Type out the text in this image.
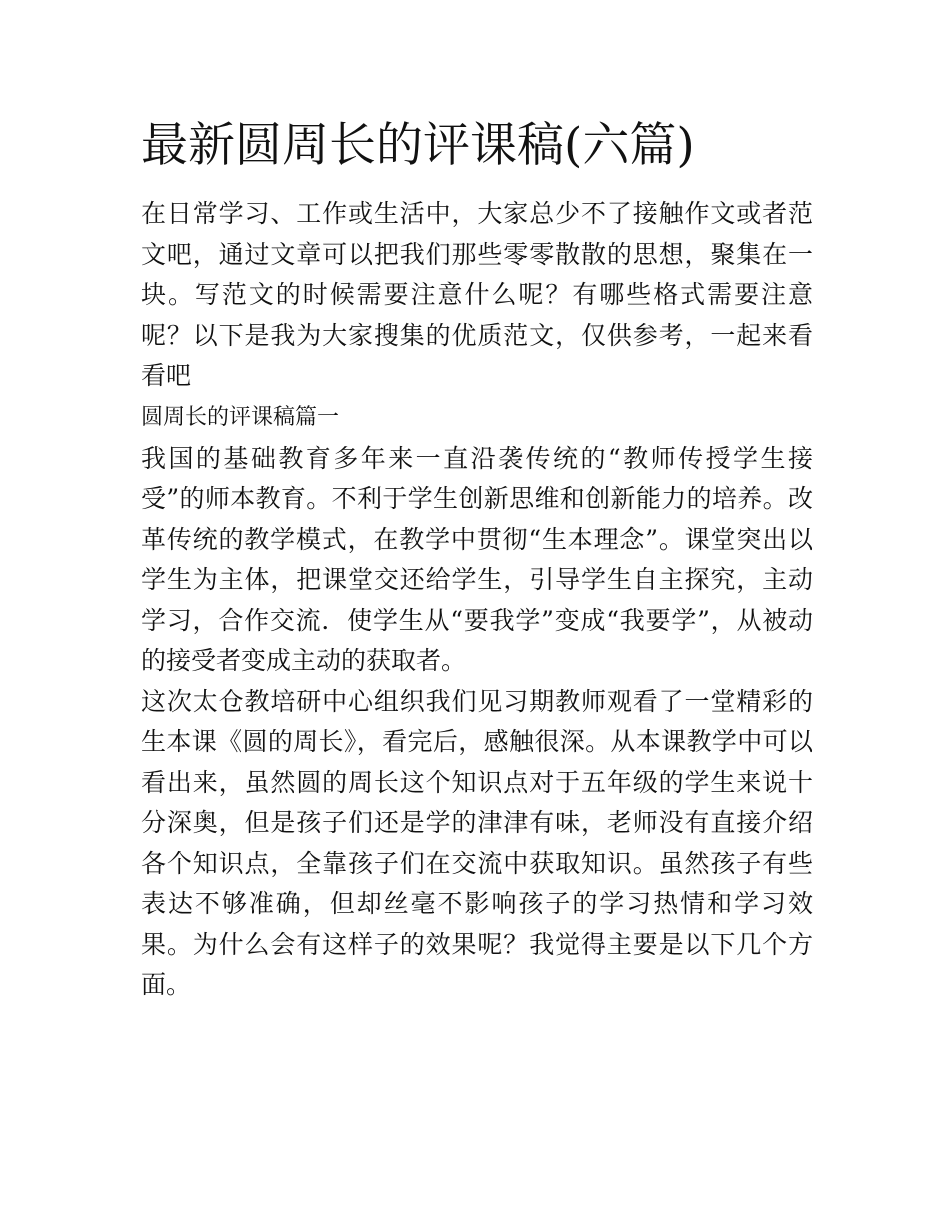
最新圆周长的评课稿(六篇)

在日常学习、工作或生活中，大家总少不了接触作文或者范文吧，通过文章可以把我们那些零零散散的思想，聚集在一块。写范文的时候需要注意什么呢？有哪些格式需要注意呢？以下是我为大家搜集的优质范文，仅供参考，一起来看看吧

圆周长的评课稿篇一

我国的基础教育多年来一直沿袭传统的“教师传授学生接受”的师本教育。不利于学生创新思维和创新能力的培养。改革传统的教学模式，在教学中贯彻“生本理念”。课堂突出以学生为主体，把课堂交还给学生，引导学生自主探究，主动学习，合作交流．使学生从“要我学”变成“我要学”，从被动的接受者变成主动的获取者。

这次太仓教培研中心组织我们见习期教师观看了一堂精彩的生本课《圆的周长》，看完后，感触很深。从本课教学中可以看出来，虽然圆的周长这个知识点对于五年级的学生来说十分深奥，但是孩子们还是学的津津有味，老师没有直接介绍各个知识点，全靠孩子们在交流中获取知识。虽然孩子有些表达不够准确，但却丝毫不影响孩子的学习热情和学习效果。为什么会有这样子的效果呢？我觉得主要是以下几个方面。
